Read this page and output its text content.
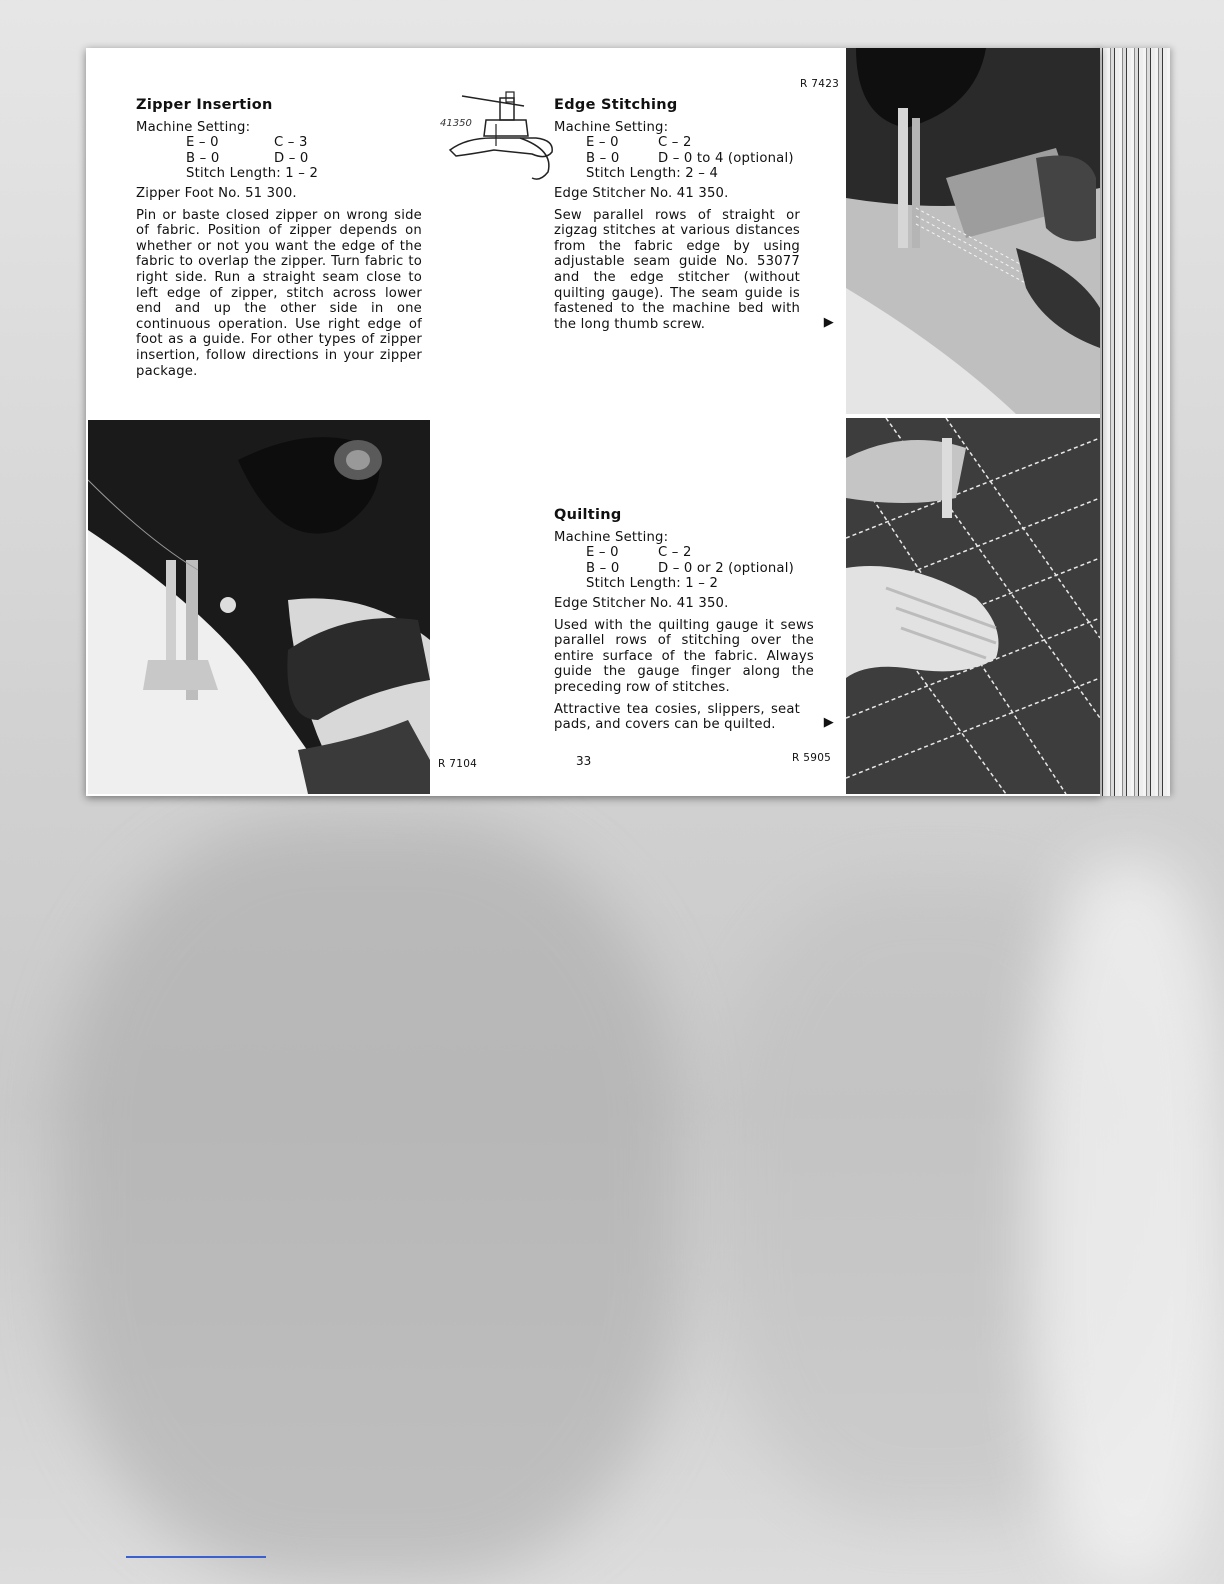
Zipper Insertion
Machine Setting:
E – 0	C – 3
B – 0	D – 0
Stitch Length: 1 – 2
Zipper Foot No. 51 300.
Pin or baste closed zipper on wrong side of fabric. Position of zipper depends on whether or not you want the edge of the fabric to overlap the zipper. Turn fabric to right side. Run a straight seam close to left edge of zipper, stitch across lower end and up the other side in one continuous operation. Use right edge of foot as a guide. For other types of zipper insertion, follow directions in your zipper package.
41350
Edge Stitching
Machine Setting:
E – 0	C – 2
B – 0	D – 0 to 4 (optional)
Stitch Length: 2 – 4
Edge Stitcher No. 41 350.
Sew parallel rows of straight or zigzag stitches at various distances from the fabric edge by using adjustable seam guide No. 53077 and the edge stitcher (without quilting gauge). The seam guide is fastened to the machine bed with the long thumb screw.	▶
Quilting
Machine Setting:
E – 0	C – 2
B – 0	D – 0 or 2 (optional)
Stitch Length: 1 – 2
Edge Stitcher No. 41 350.
Used with the quilting gauge it sews parallel rows of stitching over the entire surface of the fabric. Always guide the gauge finger along the preceding row of stitches.
Attractive tea cosies, slippers, seat pads, and covers can be quilted.	▶
R 7423
R 7104	R 5905
33
